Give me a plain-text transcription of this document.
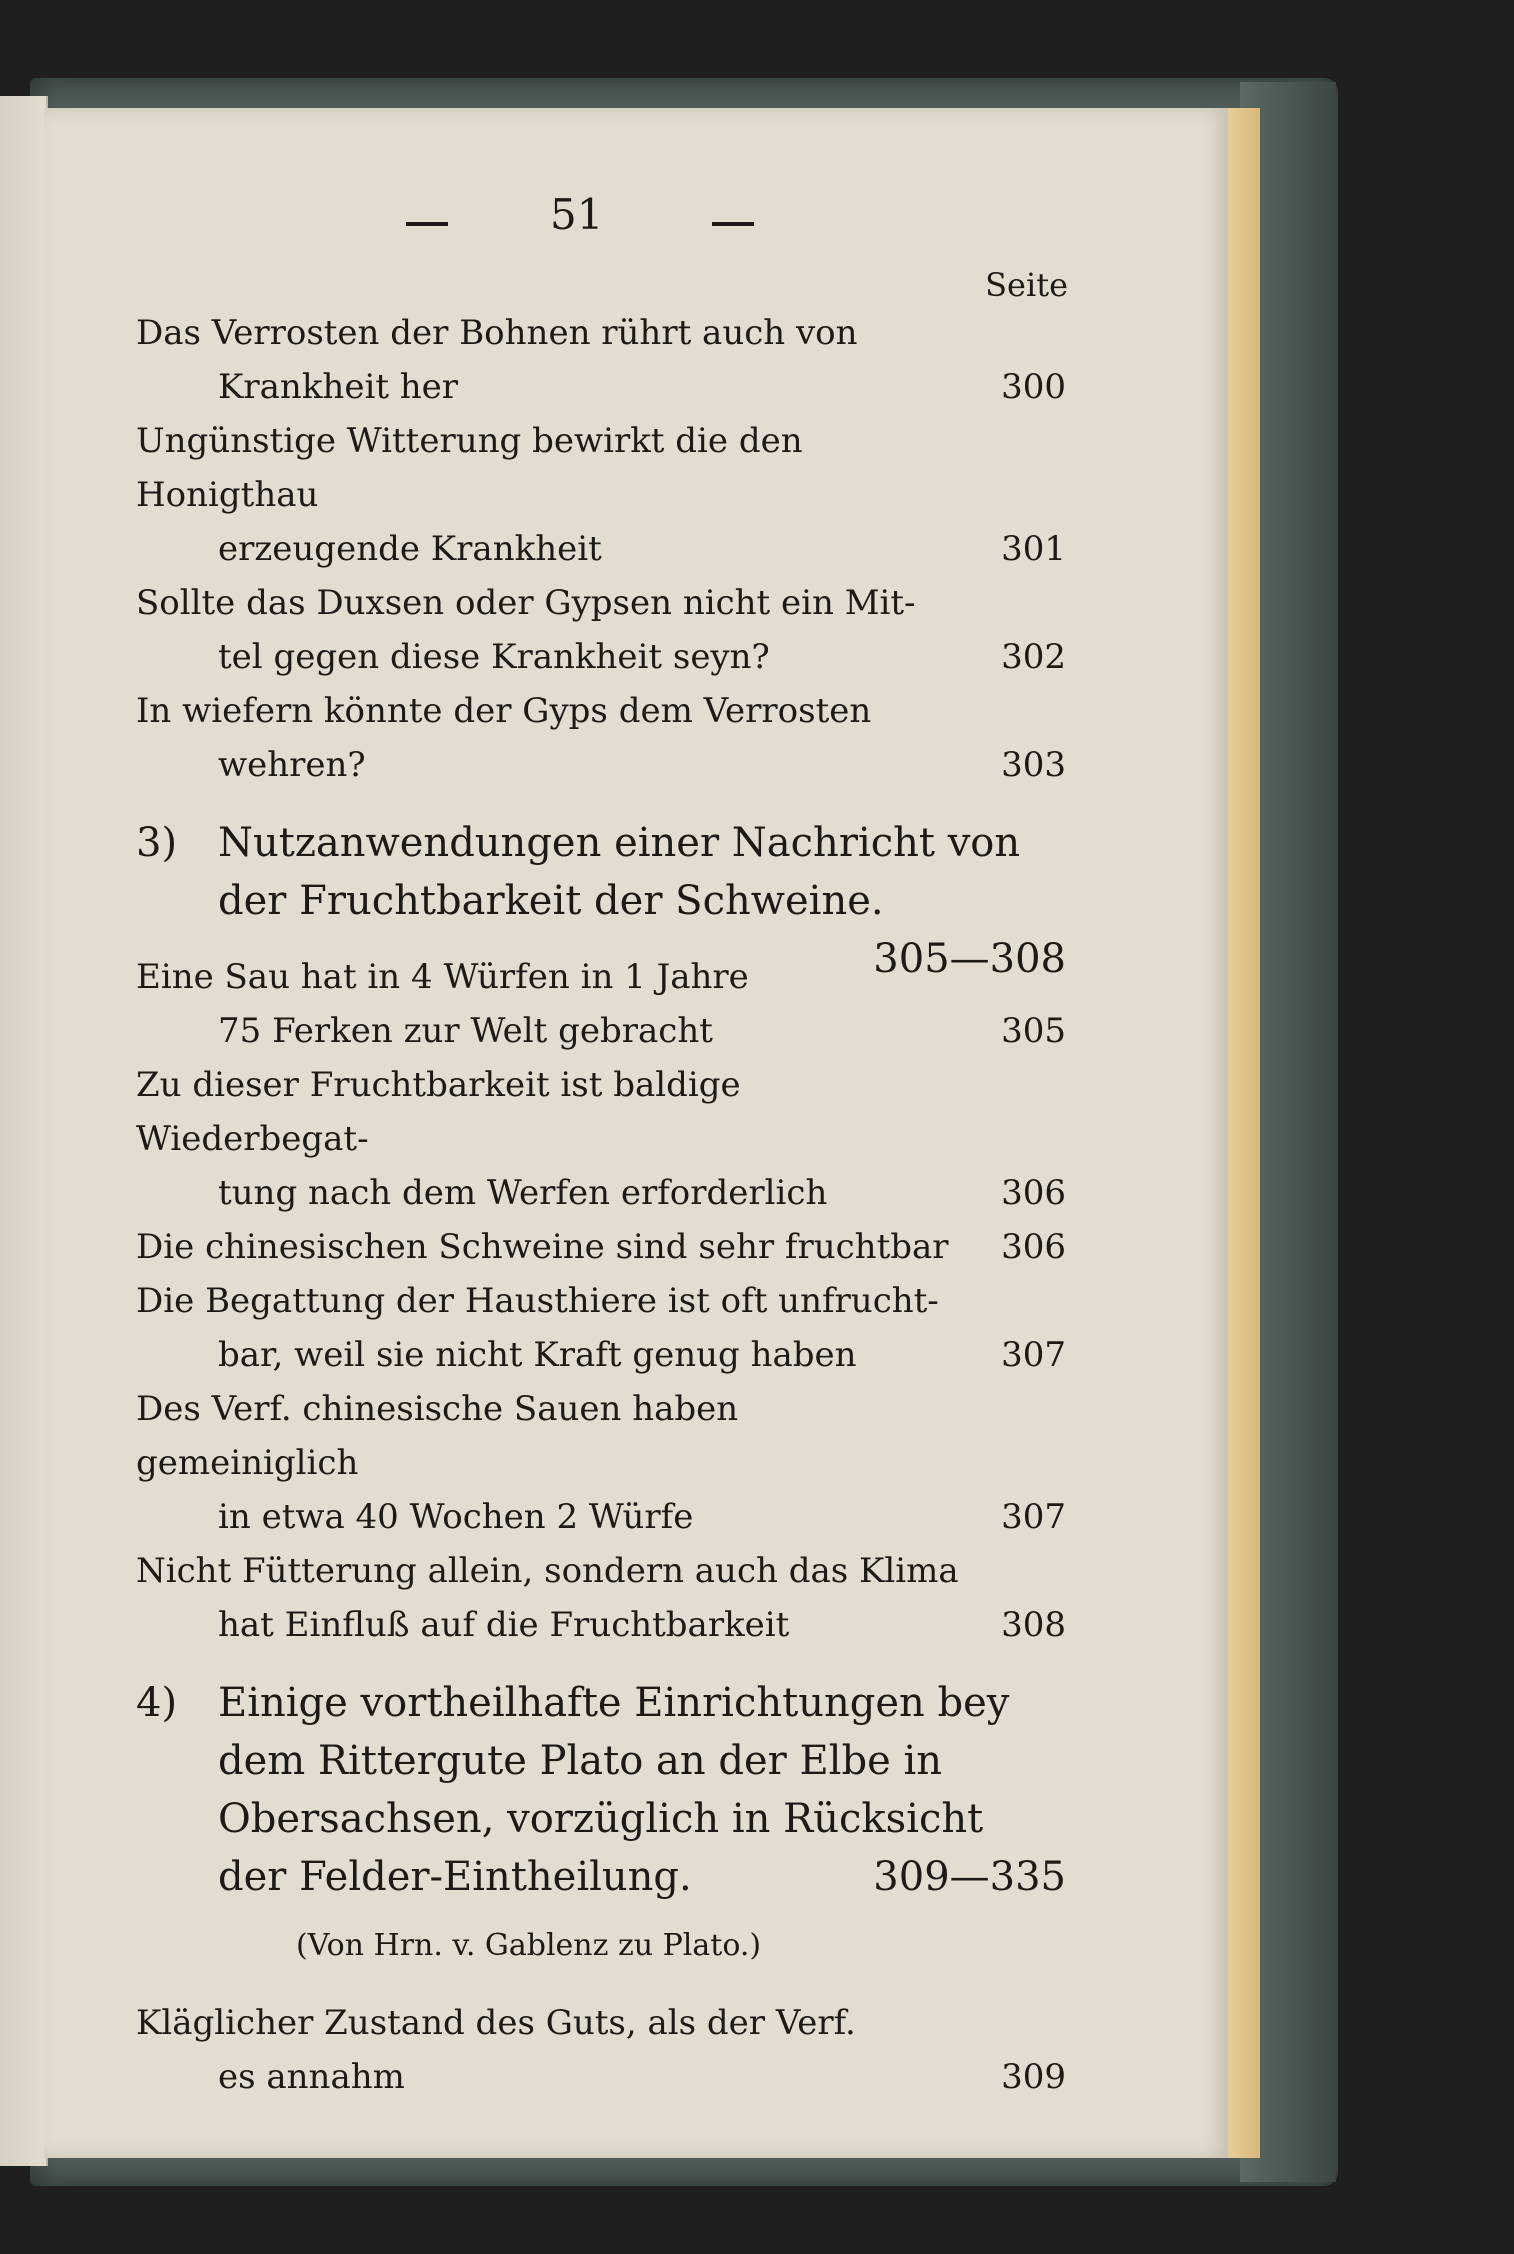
51
Seite
Das Verrosten der Bohnen rührt auch von
Krankheit her	300
Ungünstige Witterung bewirkt die den Honigthau
erzeugende Krankheit	301
Sollte das Duxsen oder Gypsen nicht ein Mit-
tel gegen diese Krankheit seyn?	302
In wiefern könnte der Gyps dem Verrosten
wehren?	303
3)	Nutzanwendungen einer Nachricht von
der Fruchtbarkeit der Schweine.
305—308
Eine Sau hat in 4 Würfen in 1 Jahre
75 Ferken zur Welt gebracht	305
Zu dieser Fruchtbarkeit ist baldige Wiederbegat-
tung nach dem Werfen erforderlich	306
Die chinesischen Schweine sind sehr fruchtbar	306
Die Begattung der Hausthiere ist oft unfrucht-
bar, weil sie nicht Kraft genug haben	307
Des Verf. chinesische Sauen haben gemeiniglich
in etwa 40 Wochen 2 Würfe	307
Nicht Fütterung allein, sondern auch das Klima
hat Einfluß auf die Fruchtbarkeit	308
4)	Einige vortheilhafte Einrichtungen bey
dem Rittergute Plato an der Elbe in
Obersachsen, vorzüglich in Rücksicht
der Felder-Eintheilung.	309—335
(Von Hrn. v. Gablenz zu Plato.)
Kläglicher Zustand des Guts, als der Verf.
es annahm	309
